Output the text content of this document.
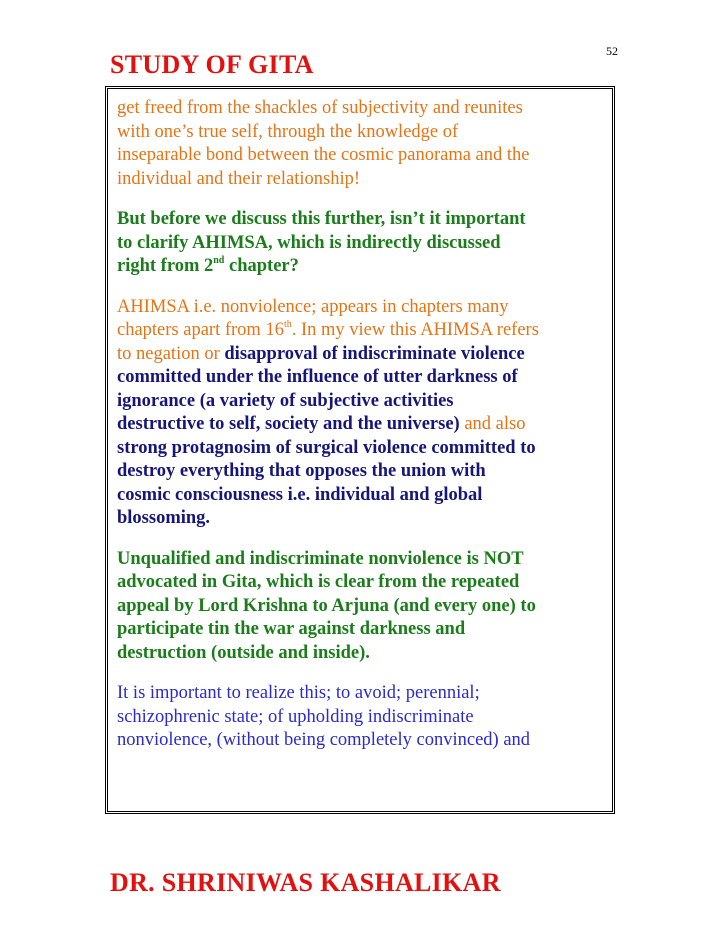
52
STUDY OF GITA

get freed from the shackles of subjectivity and reunites
with one’s true self, through the knowledge of
inseparable bond between the cosmic panorama and the
individual and their relationship!

But before we discuss this further, isn’t it important
to clarify AHIMSA, which is indirectly discussed
right from 2nd chapter?

AHIMSA i.e. nonviolence; appears in chapters many
chapters apart from 16th. In my view this AHIMSA refers
to negation or disapproval of indiscriminate violence
committed under the influence of utter darkness of
ignorance (a variety of subjective activities
destructive to self, society and the universe) and also
strong protagnosim of surgical violence committed to
destroy everything that opposes the union with
cosmic consciousness i.e. individual and global
blossoming.

Unqualified and indiscriminate nonviolence is NOT
advocated in Gita, which is clear from the repeated
appeal by Lord Krishna to Arjuna (and every one) to
participate tin the war against darkness and
destruction (outside and inside).

It is important to realize this; to avoid; perennial;
schizophrenic state; of upholding indiscriminate
nonviolence, (without being completely convinced) and

DR. SHRINIWAS KASHALIKAR
